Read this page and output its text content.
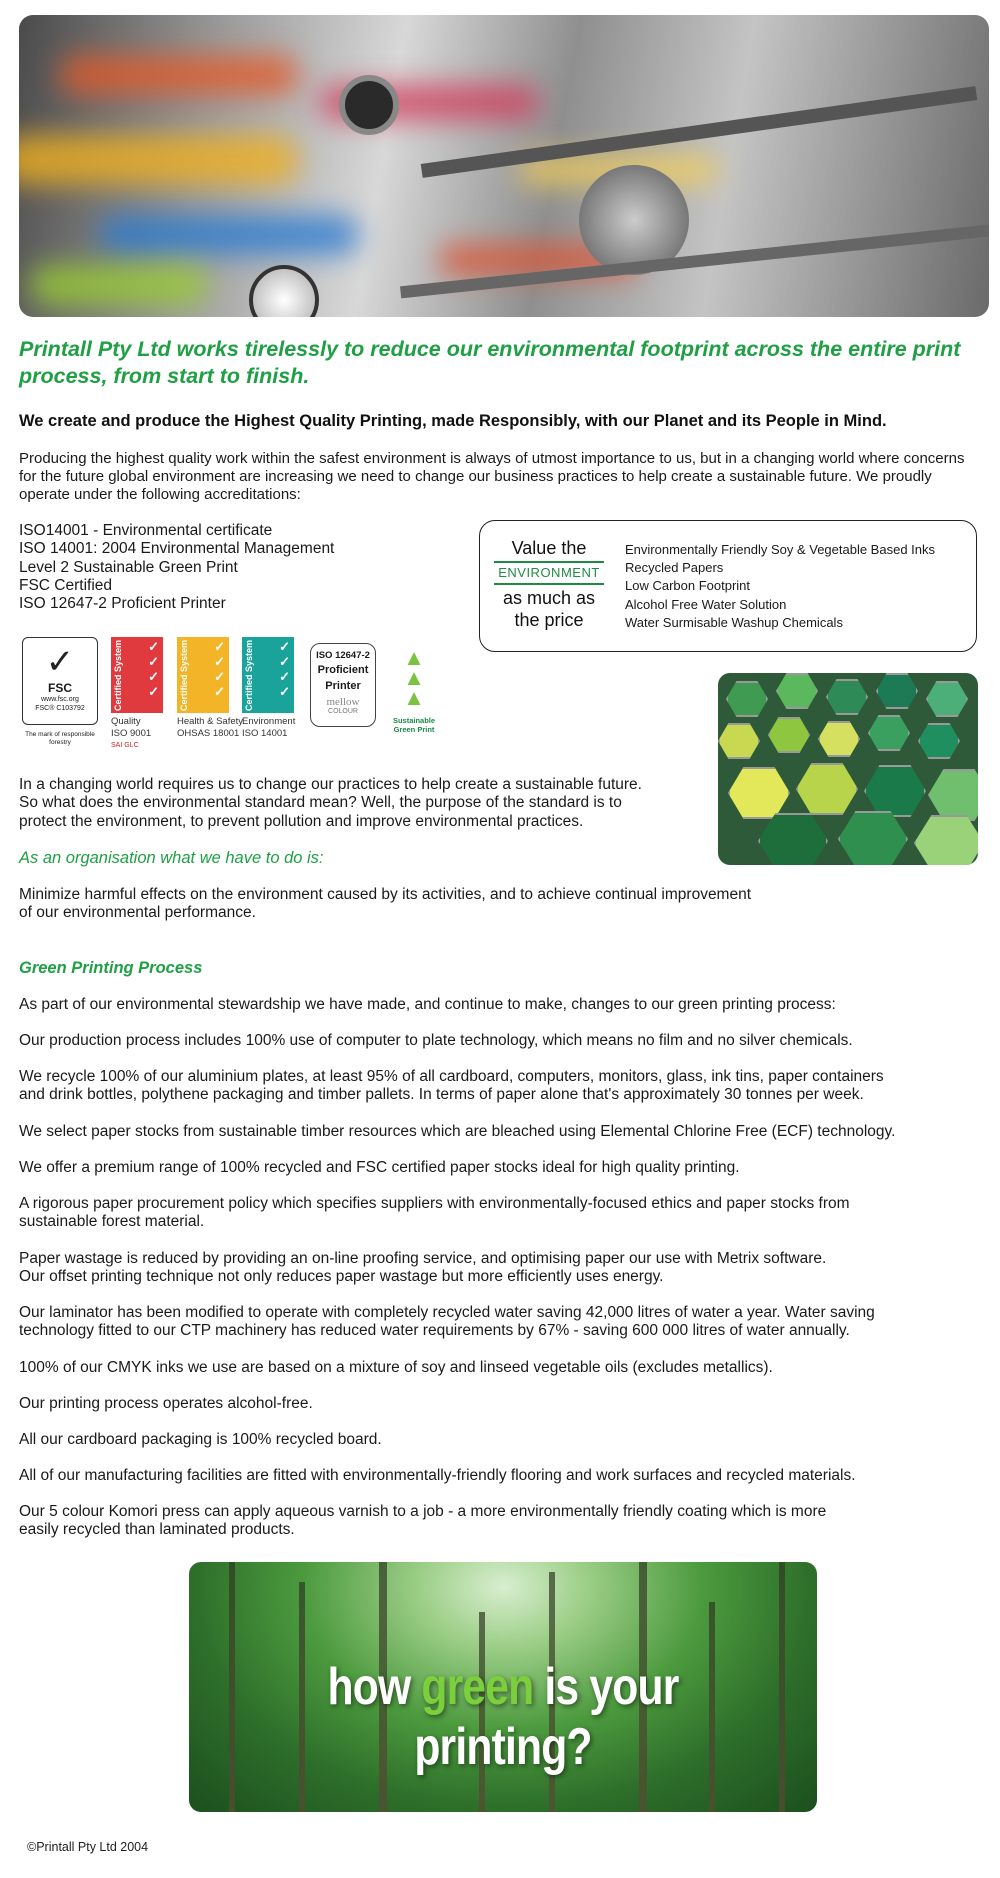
Printall Pty Ltd works tirelessly to reduce our environmental footprint across the entire print process, from start to finish.
We create and produce the Highest Quality Printing, made Responsibly, with our Planet and its People in Mind.
Producing the highest quality work within the safest environment is always of utmost importance to us, but in a changing world where concerns for the future global environment are increasing we need to change our business practices to help create a sustainable future. We proudly operate under the following accreditations:
ISO14001 - Environmental certificate
ISO 14001: 2004 Environmental Management
Level 2 Sustainable Green Print
FSC Certified
ISO 12647-2 Proficient Printer
Value the
ENVIRONMENT
as much as
the price
Environmentally Friendly Soy & Vegetable Based Inks
Recycled Papers
Low Carbon Footprint
Alcohol Free Water Solution
Water Surmisable Washup Chemicals
✓
FSC
www.fsc.org
FSC® C103792
The mark of responsible forestry
Certified System	✓
✓
✓
✓
Quality
ISO 9001
SAI GLC
Certified System	✓
✓
✓
✓
Health & Safety
OHSAS 18001
Certified System	✓
✓
✓
✓
Environment
ISO 14001
ISO 12647-2
Proficient
Printer
mellow
COLOUR
▲
▲
▲
Sustainable
Green Print
In a changing world requires us to change our practices to help create a sustainable future.
So what does the environmental standard mean? Well, the purpose of the standard is to
protect the environment, to prevent pollution and improve environmental practices.
As an organisation what we have to do is:
Minimize harmful effects on the environment caused by its activities, and to achieve continual improvement
of our environmental performance.
Green Printing Process
As part of our environmental stewardship we have made, and continue to make, changes to our green printing process:
Our production process includes 100% use of computer to plate technology, which means no film and no silver chemicals.
We recycle 100% of our aluminium plates, at least 95% of all cardboard, computers, monitors, glass, ink tins, paper containers
and drink bottles, polythene packaging and timber pallets. In terms of paper alone that's approximately 30 tonnes per week.
We select paper stocks from sustainable timber resources which are bleached using Elemental Chlorine Free (ECF) technology.
We offer a premium range of 100% recycled and FSC certified paper stocks ideal for high quality printing.
A rigorous paper procurement policy which specifies suppliers with environmentally-focused ethics and paper stocks from
sustainable forest material.
Paper wastage is reduced by providing an on-line proofing service, and optimising paper our use with Metrix software.
Our offset printing technique not only reduces paper wastage but more efficiently uses energy.
Our laminator has been modified to operate with completely recycled water saving 42,000 litres of water a year. Water saving
technology fitted to our CTP machinery has reduced water requirements by 67% - saving 600 000 litres of water annually.
100% of our CMYK inks we use are based on a mixture of soy and linseed vegetable oils (excludes metallics).
Our printing process operates alcohol-free.
All our cardboard packaging is 100% recycled board.
All of our manufacturing facilities are fitted with environmentally-friendly flooring and work surfaces and recycled materials.
Our 5 colour Komori press can apply aqueous varnish to a job - a more environmentally friendly coating which is more
easily recycled than laminated products.
how green is your printing?
©Printall Pty Ltd 2004
